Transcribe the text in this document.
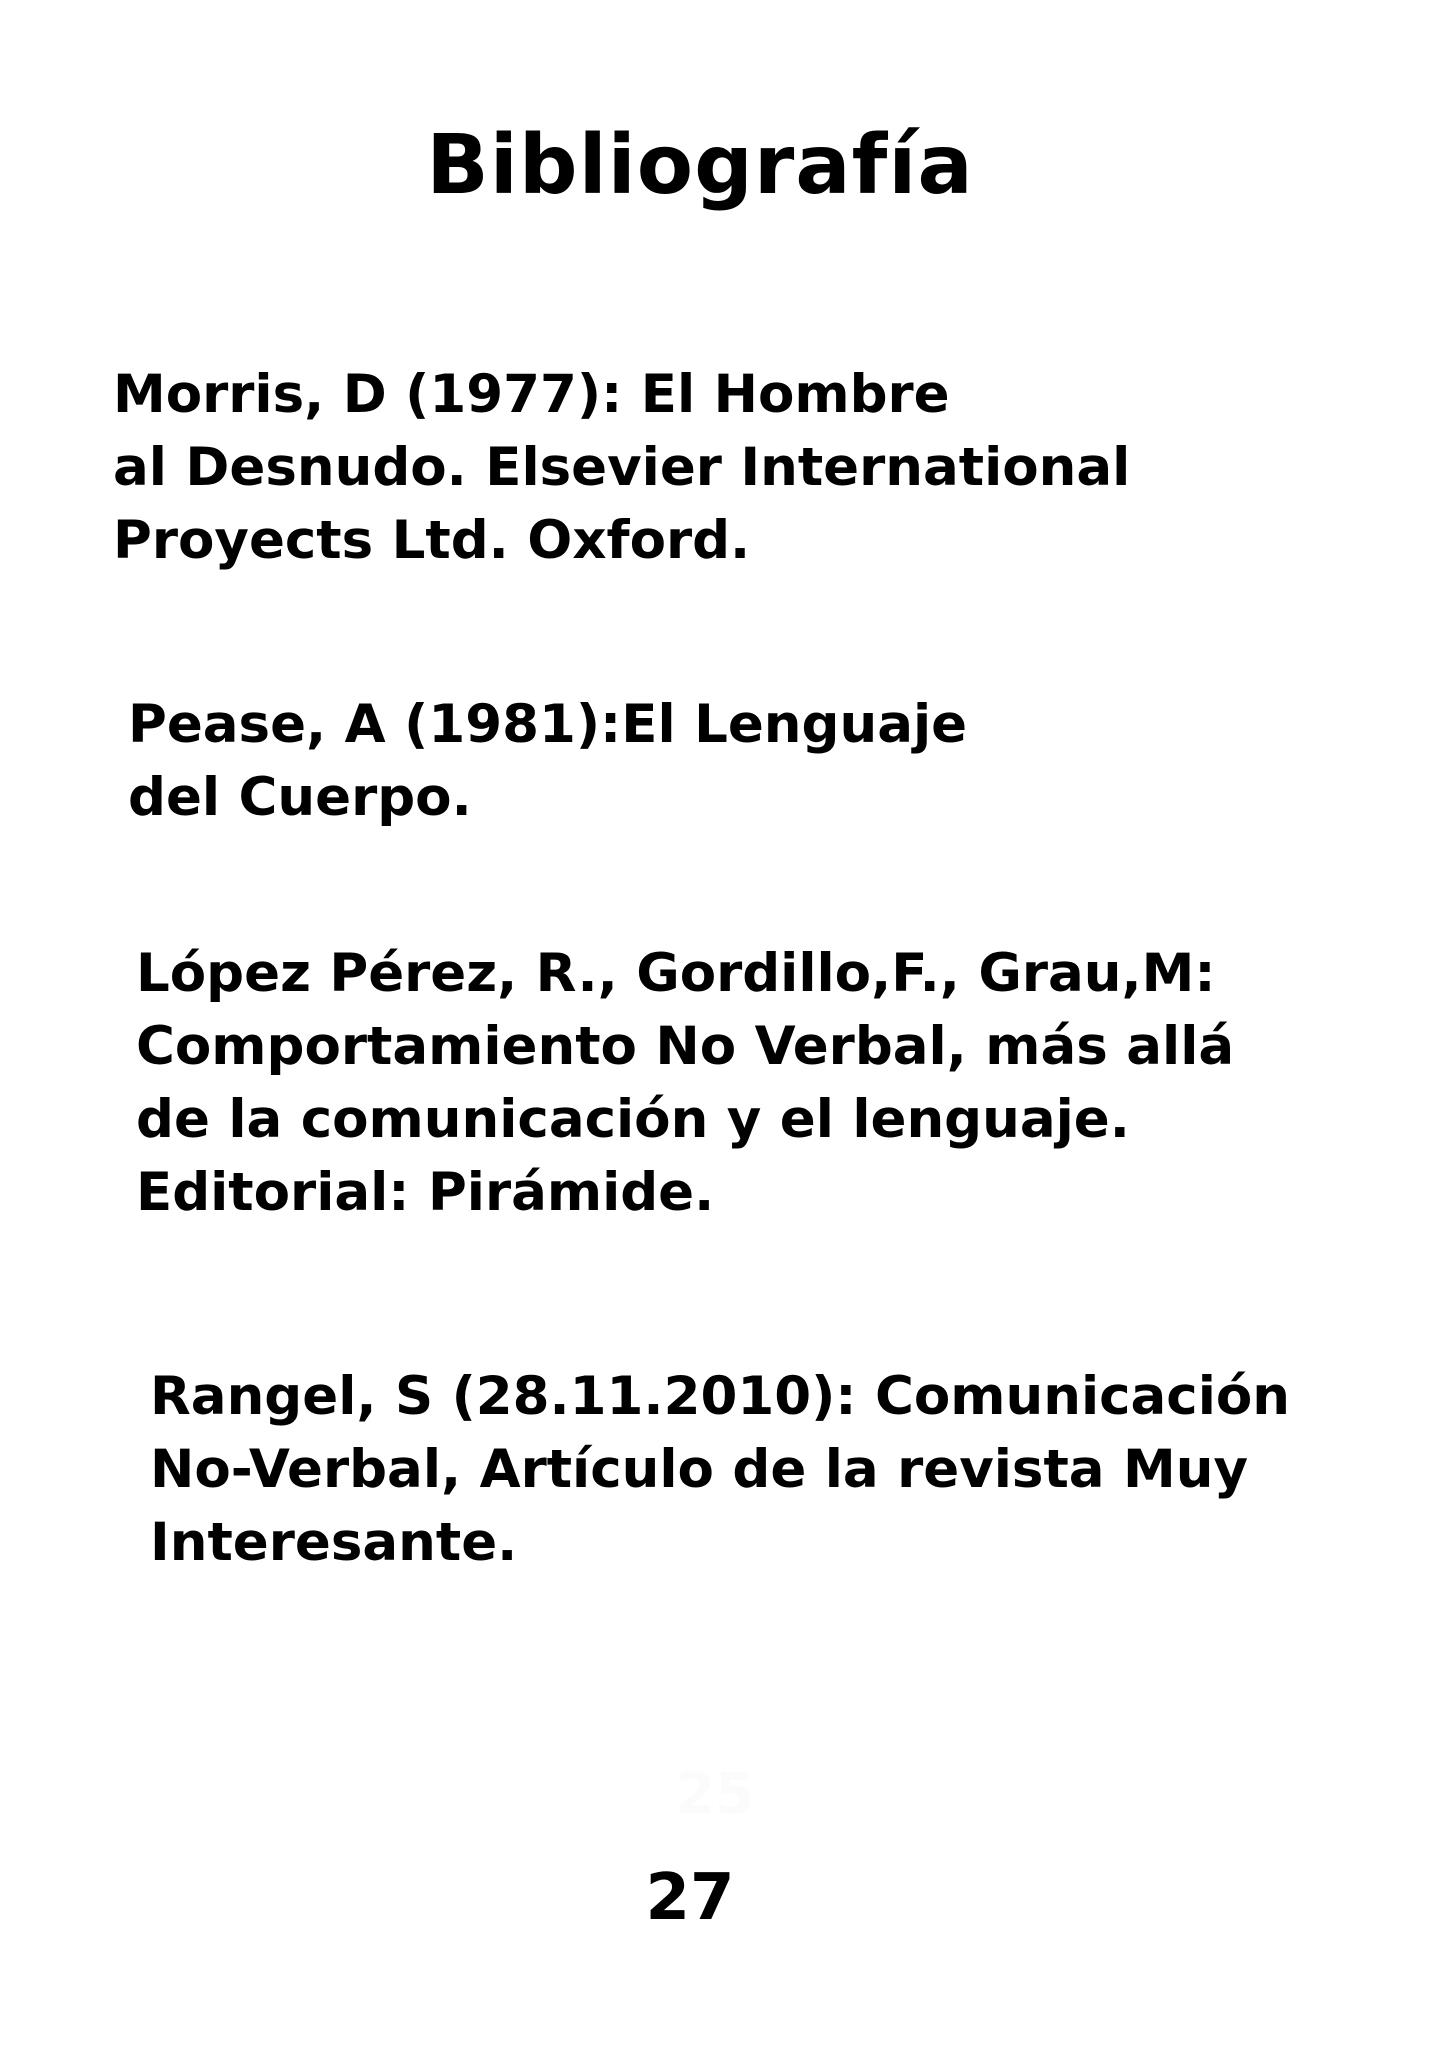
Bibliografía

Morris, D (1977): El Hombre
al Desnudo. Elsevier International
Proyects Ltd. Oxford.

Pease, A (1981):El Lenguaje
del Cuerpo.

López Pérez, R., Gordillo,F., Grau,M:
Comportamiento No Verbal, más allá
de la comunicación y el lenguaje.
Editorial: Pirámide.

Rangel, S (28.11.2010): Comunicación
No-Verbal, Artículo de la revista Muy
Interesante.

25
27
